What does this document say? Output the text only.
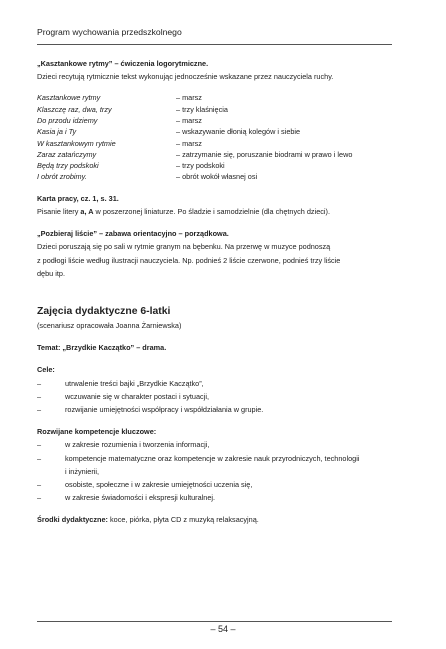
Program wychowania przedszkolnego

„Kasztankowe rytmy” – ćwiczenia logorytmiczne.

Dzieci recytują rytmicznie tekst wykonując jednocześnie wskazane przez nauczyciela ruchy.

Kasztankowe rytmy	– marsz
Klaszczę raz, dwa, trzy	– trzy klaśnięcia
Do przodu idziemy	– marsz
Kasia ja i Ty	– wskazywanie dłonią kolegów i siebie
W kasztankowym rytmie	– marsz
Zaraz zatańczymy	– zatrzymanie się, poruszanie biodrami w prawo i lewo
Będą trzy podskoki	– trzy podskoki
I obrót zrobimy.	– obrót wokół własnej osi

Karta pracy, cz. 1, s. 31.

Pisanie litery a, A w poszerzonej liniaturze. Po śladzie i samodzielnie (dla chętnych dzieci).

„Pozbieraj liście” – zabawa orientacyjno – porządkowa.

Dzieci poruszają się po sali w rytmie granym na bębenku. Na przerwę w muzyce podnoszą

z podłogi liście według ilustracji nauczyciela. Np. podnieś 2 liście czerwone, podnieś trzy liście

dębu itp.

Zajęcia dydaktyczne 6-latki

(scenariusz opracowała Joanna Żarniewska)

Temat: „Brzydkie Kaczątko” – drama.

Cele:

– utrwalenie treści bajki „Brzydkie Kaczątko”,
– wczuwanie się w charakter postaci i sytuacji,
– rozwijanie umiejętności współpracy i współdziałania w grupie.

Rozwijane kompetencje kluczowe:

– w zakresie rozumienia i tworzenia informacji,
– kompetencje matematyczne oraz kompetencje w zakresie nauk przyrodniczych, technologii

i inżynierii,

– osobiste, społeczne i w zakresie umiejętności uczenia się,
– w zakresie świadomości i ekspresji kulturalnej.

Środki dydaktyczne: koce, piórka, płyta CD z muzyką relaksacyjną.

– 54 –
